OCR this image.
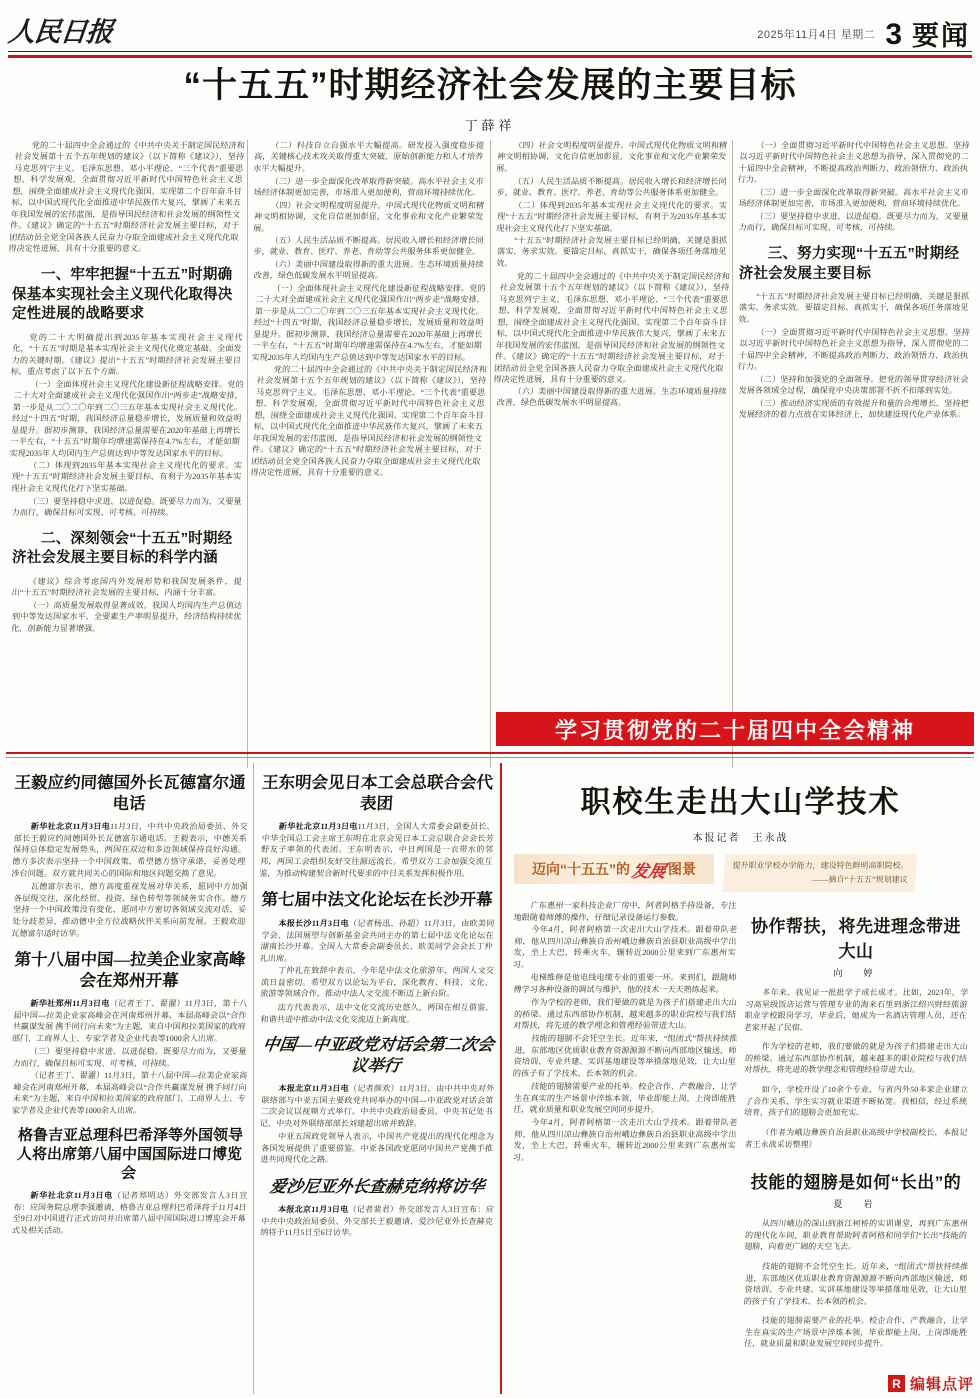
人民日报	2025年11月4日 星期二 3 要闻
“十五五”时期经济社会发展的主要目标
丁薛祥

党的二十届四中全会通过的《中共中央关于制定国民经济和社会发展第十五个五年规划的建议》（以下简称《建议》），坚持马克思列宁主义、毛泽东思想、邓小平理论、“三个代表”重要思想、科学发展观，全面贯彻习近平新时代中国特色社会主义思想，围绕全面建成社会主义现代化强国、实现第二个百年奋斗目标，以中国式现代化全面推进中华民族伟大复兴，擘画了未来五年我国发展的宏伟蓝图，是指导国民经济和社会发展的纲领性文件。《建议》确定的“十五五”时期经济社会发展主要目标，对于团结动员全党全国各族人民奋力夺取全面建成社会主义现代化取得决定性进展，具有十分重要的意义。

一、牢牢把握“十五五”时期确保基本实现社会主义现代化取得决定性进展的战略要求

党的二十大明确提出到2035年基本实现社会主义现代化，“十五五”时期是基本实现社会主义现代化奠定基础、全面发力的关键时期。《建议》提出“十五五”时期经济社会发展主要目标，重点考虑了以下五个方面。

（一）全面体现社会主义现代化建设新征程战略安排。党的二十大对全面建成社会主义现代化强国作出“两步走”战略安排，第一步是从二〇二〇年到二〇三五年基本实现社会主义现代化。经过“十四五”时期，我国经济总量稳步增长，发展质量和效益明显提升。据初步测算，我国经济总量需要在2020年基础上再增长一半左右，“十五五”时期年均增速需保持在4.7%左右，才能如期实现2035年人均国内生产总值达到中等发达国家水平的目标。

（二）体现到2035年基本实现社会主义现代化的要求。实现“十五五”时期经济社会发展主要目标，有利于为2035年基本实现社会主义现代化打下坚实基础。

（三）要坚持稳中求进、以进促稳。既要尽力而为，又要量力而行，确保目标可实现、可考核、可持续。

二、深刻领会“十五五”时期经济社会发展主要目标的科学内涵

《建议》综合考虑国内外发展形势和我国发展条件，提出“十五五”时期经济社会发展的主要目标，内涵十分丰富。

（一）高质量发展取得显著成效。我国人均国内生产总值达到中等发达国家水平，全要素生产率明显提升，经济结构持续优化，创新能力显著增强。

（二）科技自立自强水平大幅提高。研发投入强度稳步提高，关键核心技术攻关取得重大突破，原始创新能力和人才培养水平大幅提升。

（三）进一步全面深化改革取得新突破。高水平社会主义市场经济体制更加完善，市场准入更加便利，营商环境持续优化。

（四）社会文明程度明显提升。中国式现代化物质文明和精神文明相协调，文化自信更加彰显，文化事业和文化产业繁荣发展。

（五）人民生活品质不断提高。居民收入增长和经济增长同步，就业、教育、医疗、养老、育幼等公共服务体系更加健全。

（六）美丽中国建设取得新的重大进展。生态环境质量持续改善，绿色低碳发展水平明显提高。

（一）全面体现社会主义现代化建设新征程战略安排。党的二十大对全面建成社会主义现代化强国作出“两步走”战略安排，第一步是从二〇二〇年到二〇三五年基本实现社会主义现代化。经过“十四五”时期，我国经济总量稳步增长，发展质量和效益明显提升。据初步测算，我国经济总量需要在2020年基础上再增长一半左右，“十五五”时期年均增速需保持在4.7%左右，才能如期实现2035年人均国内生产总值达到中等发达国家水平的目标。

党的二十届四中全会通过的《中共中央关于制定国民经济和社会发展第十五个五年规划的建议》（以下简称《建议》），坚持马克思列宁主义、毛泽东思想、邓小平理论、“三个代表”重要思想、科学发展观，全面贯彻习近平新时代中国特色社会主义思想，围绕全面建成社会主义现代化强国、实现第二个百年奋斗目标，以中国式现代化全面推进中华民族伟大复兴，擘画了未来五年我国发展的宏伟蓝图，是指导国民经济和社会发展的纲领性文件。《建议》确定的“十五五”时期经济社会发展主要目标，对于团结动员全党全国各族人民奋力夺取全面建成社会主义现代化取得决定性进展，具有十分重要的意义。

（四）社会文明程度明显提升。中国式现代化物质文明和精神文明相协调，文化自信更加彰显，文化事业和文化产业繁荣发展。

（五）人民生活品质不断提高。居民收入增长和经济增长同步，就业、教育、医疗、养老、育幼等公共服务体系更加健全。

（二）体现到2035年基本实现社会主义现代化的要求。实现“十五五”时期经济社会发展主要目标，有利于为2035年基本实现社会主义现代化打下坚实基础。

“十五五”时期经济社会发展主要目标已经明确，关键是狠抓落实、务求实效。要锚定目标、真抓实干，确保各项任务落地见效。

党的二十届四中全会通过的《中共中央关于制定国民经济和社会发展第十五个五年规划的建议》（以下简称《建议》），坚持马克思列宁主义、毛泽东思想、邓小平理论、“三个代表”重要思想、科学发展观，全面贯彻习近平新时代中国特色社会主义思想，围绕全面建成社会主义现代化强国、实现第二个百年奋斗目标，以中国式现代化全面推进中华民族伟大复兴，擘画了未来五年我国发展的宏伟蓝图，是指导国民经济和社会发展的纲领性文件。《建议》确定的“十五五”时期经济社会发展主要目标，对于团结动员全党全国各族人民奋力夺取全面建成社会主义现代化取得决定性进展，具有十分重要的意义。

（六）美丽中国建设取得新的重大进展。生态环境质量持续改善，绿色低碳发展水平明显提高。

（一）全面贯彻习近平新时代中国特色社会主义思想。坚持以习近平新时代中国特色社会主义思想为指导，深入贯彻党的二十届四中全会精神，不断提高政治判断力、政治领悟力、政治执行力。

（三）进一步全面深化改革取得新突破。高水平社会主义市场经济体制更加完善，市场准入更加便利，营商环境持续优化。

（三）要坚持稳中求进、以进促稳。既要尽力而为，又要量力而行，确保目标可实现、可考核、可持续。

三、努力实现“十五五”时期经济社会发展主要目标

“十五五”时期经济社会发展主要目标已经明确，关键是狠抓落实、务求实效。要锚定目标、真抓实干，确保各项任务落地见效。

（一）全面贯彻习近平新时代中国特色社会主义思想。坚持以习近平新时代中国特色社会主义思想为指导，深入贯彻党的二十届四中全会精神，不断提高政治判断力、政治领悟力、政治执行力。

（二）坚持和加强党的全面领导。把党的领导贯穿经济社会发展各领域全过程，确保党中央决策部署不折不扣落到实处。

（三）推动经济实现质的有效提升和量的合理增长。坚持把发展经济的着力点放在实体经济上，加快建设现代化产业体系。

学习贯彻党的二十届四中全会精神
王毅应约同德国外长瓦德富尔通电话

新华社北京11月3日电11月3日，中共中央政治局委员、外交部长王毅应约同德国外长瓦德富尔通电话。王毅表示，中德关系保持总体稳定发展势头，两国在双边和多边领域保持良好沟通。德方多次表示坚持一个中国政策，希望德方恪守承诺，妥善处理涉台问题。双方就共同关心的国际和地区问题交换了意见。

瓦德富尔表示，德方高度重视发展对华关系，愿同中方加强各层级交往，深化经贸、投资、绿色转型等领域务实合作。德方坚持一个中国政策没有变化，愿同中方密切各领域交流对话，妥处分歧差异，推动德中全方位战略伙伴关系向前发展。王毅欢迎瓦德富尔适时访华。

第十八届中国—拉美企业家高峰会在郑州开幕

新华社郑州11月3日电（记者王丁、翟濯）11月3日，第十八届中国—拉美企业家高峰会在河南郑州开幕，本届高峰会以“合作共赢谋发展 携手同行向未来”为主题，来自中国和拉美国家的政府部门、工商界人士、专家学者及企业代表等1000余人出席。

（三）要坚持稳中求进、以进促稳。既要尽力而为，又要量力而行，确保目标可实现、可考核、可持续。

（记者王丁、翟濯）11月3日，第十八届中国—拉美企业家高峰会在河南郑州开幕，本届高峰会以“合作共赢谋发展 携手同行向未来”为主题，来自中国和拉美国家的政府部门、工商界人士、专家学者及企业代表等1000余人出席。

格鲁吉亚总理科巴希泽等外国领导人将出席第八届中国国际进口博览会

新华社北京11月3日电（记者郑明达）外交部发言人3日宣布：应国务院总理李强邀请，格鲁吉亚总理科巴希泽将于11月4日至9日对中国进行正式访问并出席第八届中国国际进口博览会开幕式及相关活动。

王东明会见日本工会总联合会代表团

新华社北京11月3日电11月3日，全国人大常委会副委员长、中华全国总工会主席王东明在北京会见日本工会总联合会会长芳野友子率领的代表团。王东明表示，中日两国是一衣带水的邻邦，两国工会组织友好交往源远流长。希望双方工会加强交流互鉴，为推动构建契合新时代要求的中日关系发挥积极作用。

第七届中法文化论坛在长沙开幕

本报长沙11月3日电（记者杨迅、孙超）11月3日，由欧美同学会、法国展望与创新基金会共同主办的第七届中法文化论坛在湖南长沙开幕。全国人大常委会副委员长、欧美同学会会长丁仲礼出席。

丁仲礼在致辞中表示，今年是中法文化旅游年，两国人文交流日益密切。希望双方以论坛为平台，深化教育、科技、文化、旅游等领域合作，推动中法人文交流不断迈上新台阶。

法方代表表示，法中文化交流历史悠久，两国在相互借鉴、和谐共进中推动中法文化交流迈上新高度。

中国—中亚政党对话会第二次会议举行

本报北京11月3日电（记者颜欢）11月3日，由中共中央对外联络部与中亚五国主要政党共同举办的中国—中亚政党对话会第二次会议以视频方式举行。中共中央政治局委员、中央书记处书记、中央对外联络部部长刘建超出席并致辞。

中亚五国政党领导人表示，中国共产党提出的现代化理念为各国发展提供了重要借鉴。中亚各国政党愿同中国共产党携手推进共同现代化之路。

爱沙尼亚外长查赫克纳将访华

本报北京11月3日电（记者裴君）外交部发言人3日宣布：应中共中央政治局委员、外交部长王毅邀请，爱沙尼亚外长查赫克纳将于11月5日至6日访华。

职校生走出大山学技术
本报记者　王永战
迈向“十五五”的 发展 图景	提升职业学校办学能力，建设特色鲜明高职院校。
——摘自“十五五”规划建议

广东惠州一家科技企业厂房中，阿者阿格手持设备，专注地跟随着师傅的操作，仔细记录设备运行参数。

今年4月，阿者阿格第一次走出大山学技术。跟着带队老师，他从四川凉山彝族自治州峨边彝族自治县职业高级中学出发，坐上大巴，转乘火车，辗转近2000公里来到广东惠州实习。

电梯维修是他电线电缆专业的重要一环。来到们，跟随师傅学习各种设备的调试与维护，他的技术一天天熟练起来。

作为学校的老师，我们要做的就是为孩子们搭建走出大山的桥梁。通过东西部协作机制，越来越多的职业院校与我们结对帮扶，将先进的教学理念和管理经验带进大山。

技能的翅膀不会凭空生长。近年来，“组团式”帮扶持续推进，东部地区优质职业教育资源源源不断向西部地区输送，师资培训、专业共建、实训基地建设等举措落地见效，让大山里的孩子有了学技术、长本领的机会。

技能的翅膀需要产业的托举。校企合作、产教融合，让学生在真实的生产场景中淬炼本领，毕业即能上岗，上岗即能胜任，就业质量和职业发展空间同步提升。

今年4月，阿者阿格第一次走出大山学技术。跟着带队老师，他从四川凉山彝族自治州峨边彝族自治县职业高级中学出发，坐上大巴，转乘火车，辗转近2000公里来到广东惠州实习。

协作帮扶，将先进理念带进大山
向　婷

多年来，我见证一批批学子成长成才。比如，2023年，学习高星级饭店运营与管理专业的海来石里到浙江绍兴财经旅游职业学校跟岗学习，毕业后，她成为一名酒店管理人员，还在老家开起了民宿。

作为学校的老师，我们要做的就是为孩子们搭建走出大山的桥梁。通过东西部协作机制，越来越多的职业院校与我们结对帮扶，将先进的教学理念和管理经验带进大山。

如今，学校开设了10余个专业，与省内外50多家企业建立了合作关系，学生实习就业渠道不断拓宽。我相信，经过系统培育，孩子们的翅膀会更加充实。

（作者为峨边彝族自治县职业高级中学校副校长，本报记者王永战采访整理）

技能的翅膀是如何“长出”的
夏　岩

从四川峨边的深山到浙江柯桥的实训课堂，再到广东惠州的现代化车间，职业教育帮助阿者阿格和同学们“长出”技能的翅膀，向着更广阔的天空飞去。

技能的翅膀不会凭空生长。近年来，“组团式”帮扶持续推进，东部地区优质职业教育资源源源不断向西部地区输送，师资培训、专业共建、实训基地建设等举措落地见效，让大山里的孩子有了学技术、长本领的机会。

技能的翅膀需要产业的托举。校企合作、产教融合，让学生在真实的生产场景中淬炼本领，毕业即能上岗，上岗即能胜任，就业质量和职业发展空间同步提升。

R 编辑点评
